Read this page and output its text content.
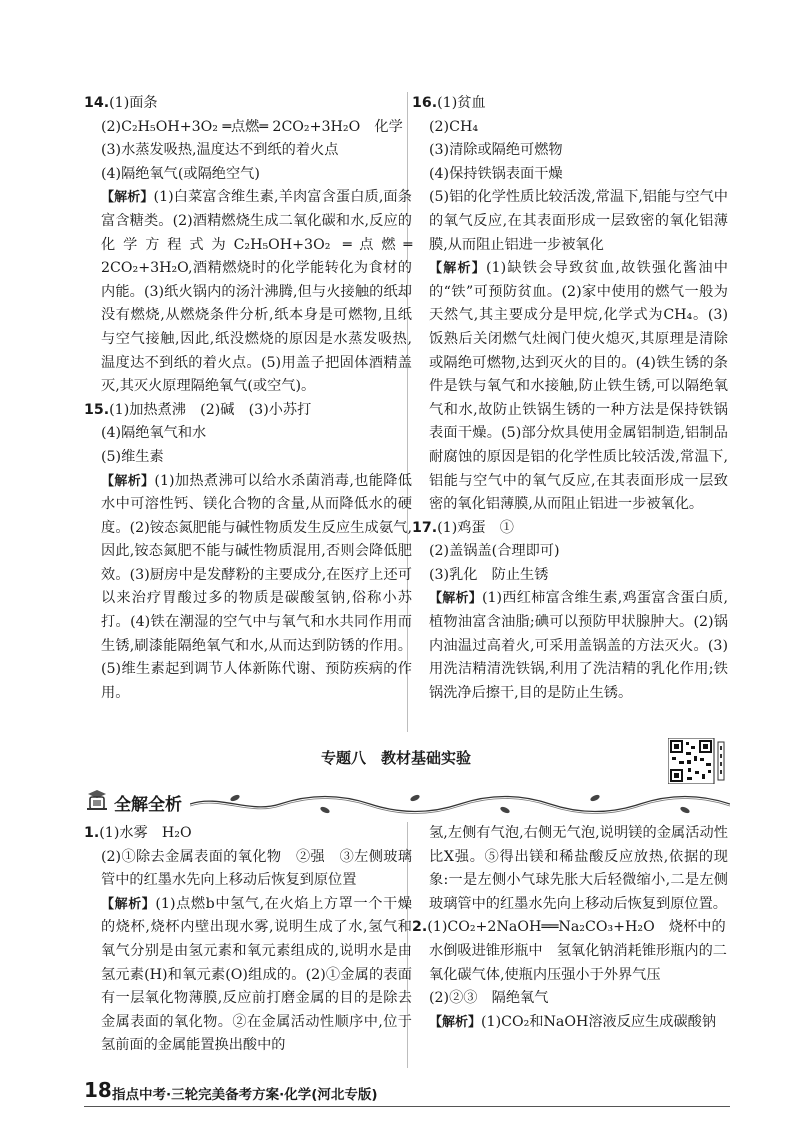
14.(1)面条
(2)C₂H₅OH+3O₂ ═点燃═ 2CO₂+3H₂O　化学
(3)水蒸发吸热,温度达不到纸的着火点
(4)隔绝氧气(或隔绝空气)
【解析】(1)白菜富含维生素,羊肉富含蛋白质,面条富含糖类。(2)酒精燃烧生成二氧化碳和水,反应的化学方程式为C₂H₅OH+3O₂ ═点燃═ 2CO₂+3H₂O,酒精燃烧时的化学能转化为食材的内能。(3)纸火锅内的汤汁沸腾,但与火接触的纸却没有燃烧,从燃烧条件分析,纸本身是可燃物,且纸与空气接触,因此,纸没燃烧的原因是水蒸发吸热,温度达不到纸的着火点。(5)用盖子把固体酒精盖灭,其灭火原理隔绝氧气(或空气)。
15.(1)加热煮沸　(2)碱　(3)小苏打
(4)隔绝氧气和水
(5)维生素
【解析】(1)加热煮沸可以给水杀菌消毒,也能降低水中可溶性钙、镁化合物的含量,从而降低水的硬度。(2)铵态氮肥能与碱性物质发生反应生成氨气,因此,铵态氮肥不能与碱性物质混用,否则会降低肥效。(3)厨房中是发酵粉的主要成分,在医疗上还可以来治疗胃酸过多的物质是碳酸氢钠,俗称小苏打。(4)铁在潮湿的空气中与氧气和水共同作用而生锈,刷漆能隔绝氧气和水,从而达到防锈的作用。(5)维生素起到调节人体新陈代谢、预防疾病的作用。
16.(1)贫血
(2)CH₄
(3)清除或隔绝可燃物
(4)保持铁锅表面干燥
(5)铝的化学性质比较活泼,常温下,铝能与空气中的氧气反应,在其表面形成一层致密的氧化铝薄膜,从而阻止铝进一步被氧化
【解析】(1)缺铁会导致贫血,故铁强化酱油中的“铁”可预防贫血。(2)家中使用的燃气一般为天然气,其主要成分是甲烷,化学式为CH₄。(3)饭熟后关闭燃气灶阀门使火熄灭,其原理是清除或隔绝可燃物,达到灭火的目的。(4)铁生锈的条件是铁与氧气和水接触,防止铁生锈,可以隔绝氧气和水,故防止铁锅生锈的一种方法是保持铁锅表面干燥。(5)部分炊具使用金属铝制造,铝制品耐腐蚀的原因是铝的化学性质比较活泼,常温下,铝能与空气中的氧气反应,在其表面形成一层致密的氧化铝薄膜,从而阻止铝进一步被氧化。
17.(1)鸡蛋　①
(2)盖锅盖(合理即可)
(3)乳化　防止生锈
【解析】(1)西红柿富含维生素,鸡蛋富含蛋白质,植物油富含油脂;碘可以预防甲状腺肿大。(2)锅内油温过高着火,可采用盖锅盖的方法灭火。(3)用洗洁精清洗铁锅,利用了洗洁精的乳化作用;铁锅洗净后擦干,目的是防止生锈。
专题八　教材基础实验
全解全析
1.(1)水雾　H₂O
(2)①除去金属表面的氧化物　②强　③左侧玻璃管中的红墨水先向上移动后恢复到原位置
【解析】(1)点燃b中氢气,在火焰上方罩一个干燥的烧杯,烧杯内壁出现水雾,说明生成了水,氢气和氧气分别是由氢元素和氧元素组成的,说明水是由氢元素(H)和氧元素(O)组成的。(2)①金属的表面有一层氧化物薄膜,反应前打磨金属的目的是除去金属表面的氧化物。②在金属活动性顺序中,位于氢前面的金属能置换出酸中的
氢,左侧有气泡,右侧无气泡,说明镁的金属活动性比X强。⑤得出镁和稀盐酸反应放热,依据的现象:一是左侧小气球先胀大后轻微缩小,二是左侧玻璃管中的红墨水先向上移动后恢复到原位置。
2.(1)CO₂+2NaOH══Na₂CO₃+H₂O　烧杯中的水倒吸进锥形瓶中　氢氧化钠消耗锥形瓶内的二氧化碳气体,使瓶内压强小于外界气压
(2)②③　隔绝氧气
【解析】(1)CO₂和NaOH溶液反应生成碳酸钠
18 指点中考·三轮完美备考方案·化学(河北专版)
